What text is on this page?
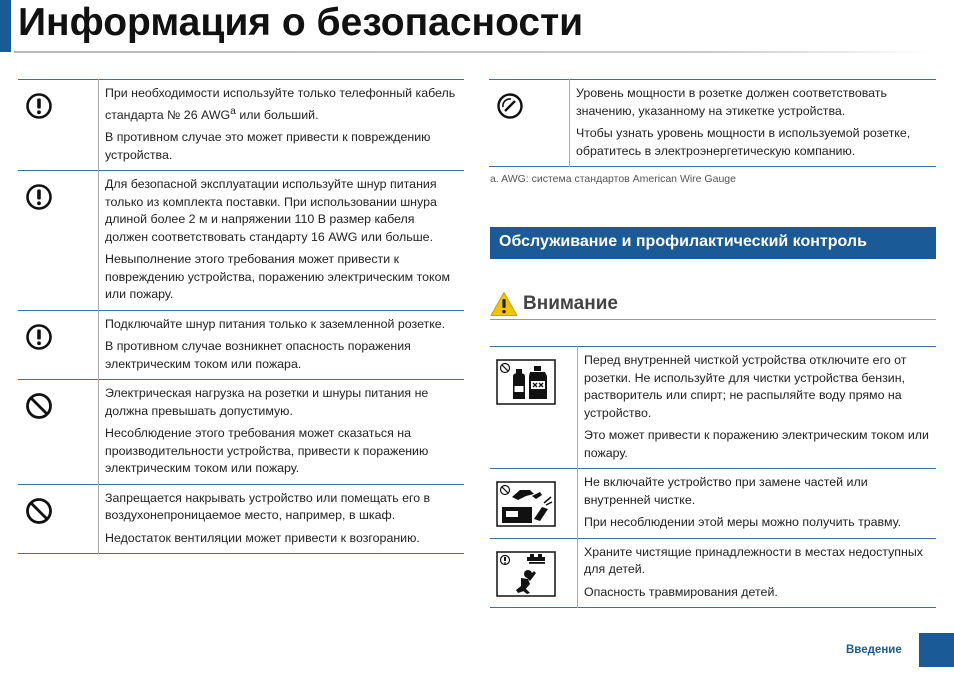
Информация о безопасности

При необходимости используйте только телефонный кабель стандарта № 26 AWG$^a$ или больший.

В противном случае это может привести к повреждению устройства.

Для безопасной эксплуатации используйте шнур питания только из комплекта поставки. При использовании шнура длиной более 2 м и напряжении 110 В размер кабеля должен соответствовать стандарту 16 AWG или больше.

Невыполнение этого требования может привести к повреждению устройства, поражению электрическим током или пожару.

Подключайте шнур питания только к заземленной розетке.

В противном случае возникнет опасность поражения электрическим током или пожара.

Электрическая нагрузка на розетки и шнуры питания не должна превышать допустимую.

Несоблюдение этого требования может сказаться на производительности устройства, привести к поражению электрическим током или пожару.

Запрещается накрывать устройство или помещать его в воздухонепроницаемое место, например, в шкаф.

Недостаток вентиляции может привести к возгоранию.

Уровень мощности в розетке должен соответствовать значению, указанному на этикетке устройства.

Чтобы узнать уровень мощности в используемой розетке, обратитесь в электроэнергетическую компанию.

a. AWG: система стандартов American Wire Gauge
Обслуживание и профилактический контроль
Внимание

Перед внутренней чисткой устройства отключите его от розетки. Не используйте для чистки устройства бензин, растворитель или спирт; не распыляйте воду прямо на устройство.

Это может привести к поражению электрическим током или пожару.

Не включайте устройство при замене частей или внутренней чистке.

При несоблюдении этой меры можно получить травму.

Храните чистящие принадлежности в местах недоступных для детей.

Опасность травмирования детей.

Введение
